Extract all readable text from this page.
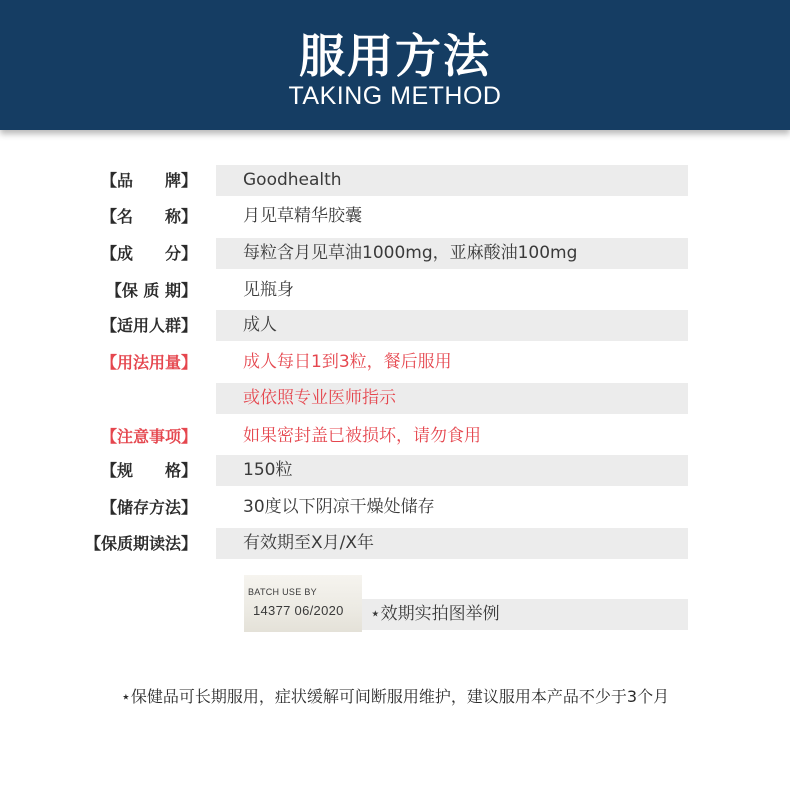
服用方法
TAKING METHOD
【品　　牌】	Goodhealth
【名　　称】	月见草精华胶囊
【成　　分】	每粒含月见草油1000mg，亚麻酸油100mg
【保 质 期】	见瓶身
【适用人群】	成人
【用法用量】	成人每日1到3粒，餐后服用
或依照专业医师指示
【注意事项】	如果密封盖已被损坏，请勿食用
【规　　格】	150粒
【储存方法】	30度以下阴凉干燥处储存
【保质期读法】	有效期至X月/X年
BATCH USE BY
14377 06/2020 ⋆效期实拍图举例
⋆保健品可长期服用，症状缓解可间断服用维护，建议服用本产品不少于3个月
